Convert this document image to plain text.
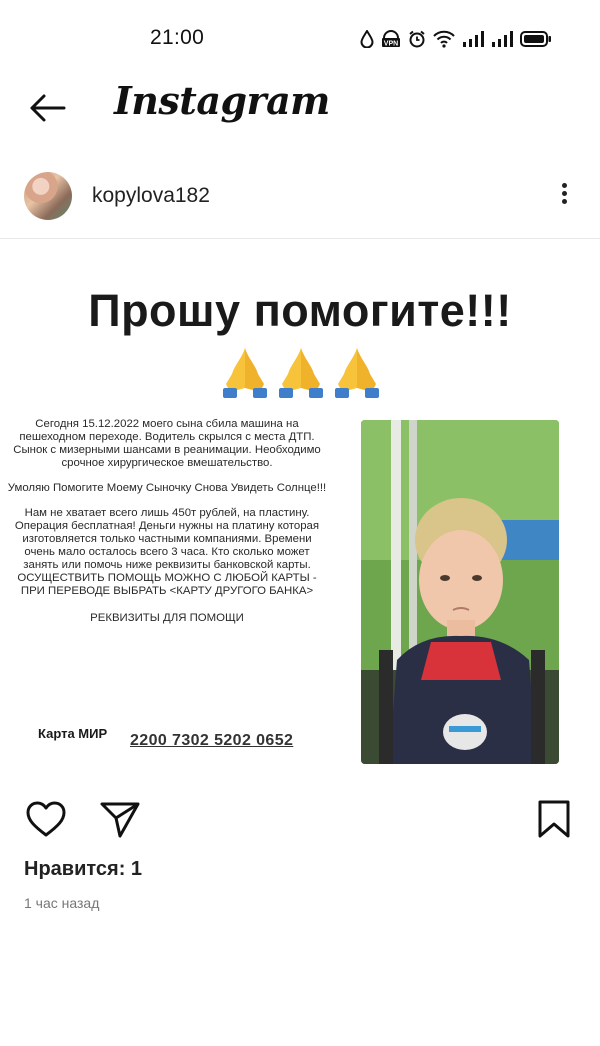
21:00	VPN
Instagram
kopylova182
Прошу помогите!!!

Сегодня 15.12.2022 моего сына сбила машина на пешеходном переходе. Водитель скрылся с места ДТП. Сынок с мизерными шансами в реанимации. Необходимо срочное хирургическое вмешательство.

Умоляю Помогите Моему Сыночку Снова Увидеть Солнце!!!

Нам не хватает всего лишь 450т рублей, на пластину. Операция бесплатная! Деньги нужны на платину которая изготовляется только частными компаниями. Времени очень мало осталось всего 3 часа. Кто сколько может занять или помочь ниже реквизиты банковской карты.

ОСУЩЕСТВИТЬ ПОМОЩЬ МОЖНО С ЛЮБОЙ КАРТЫ - ПРИ ПЕРЕВОДЕ ВЫБРАТЬ <КАРТУ ДРУГОГО БАНКА>

РЕКВИЗИТЫ ДЛЯ ПОМОЩИ

Карта МИР 2200 7302 5202 0652
Нравится: 1
1 час назад
